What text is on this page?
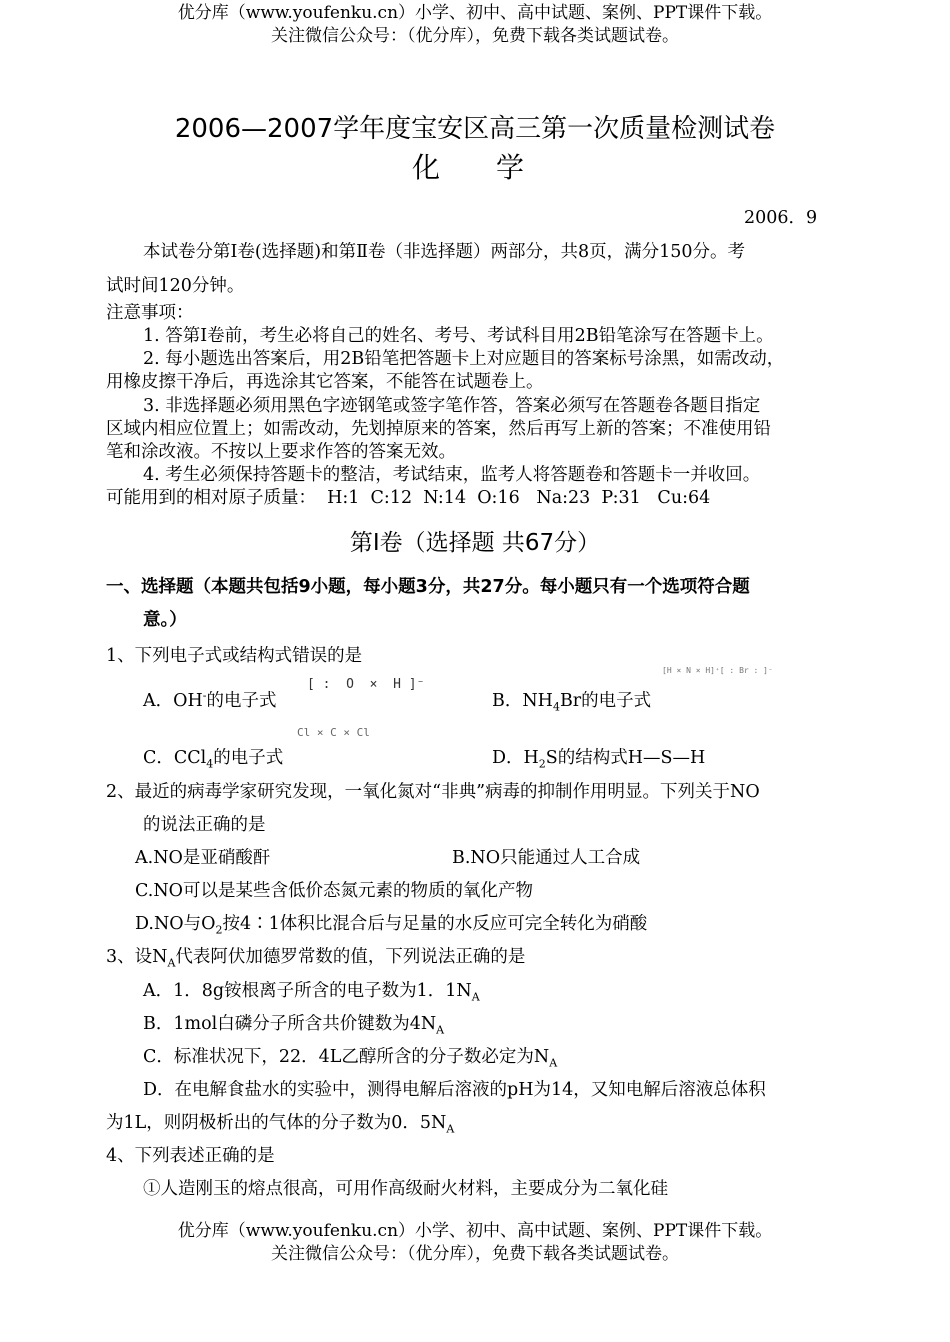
优分库（www.youfenku.cn）小学、初中、高中试题、案例、PPT课件下载。
关注微信公众号：（优分库），免费下载各类试题试卷。
2006—2007学年度宝安区高三第一次质量检测试卷
化　学
2006．9
本试卷分第Ⅰ卷(选择题)和第Ⅱ卷（非选择题）两部分，共8页，满分150分。考
试时间120分钟。
注意事项：
1. 答第Ⅰ卷前，考生必将自己的姓名、考号、考试科目用2B铅笔涂写在答题卡上。
2. 每小题选出答案后，用2B铅笔把答题卡上对应题目的答案标号涂黑，如需改动，
用橡皮擦干净后，再选涂其它答案，不能答在试题卷上。
3. 非选择题必须用黑色字迹钢笔或签字笔作答，答案必须写在答题卷各题目指定
区域内相应位置上；如需改动，先划掉原来的答案，然后再写上新的答案；不准使用铅
笔和涂改液。不按以上要求作答的答案无效。
4. 考生必须保持答题卡的整洁，考试结束，监考人将答题卷和答题卡一并收回。
可能用到的相对原子质量：  H:1  C:12  N:14  O:16   Na:23  P:31   Cu:64
第Ⅰ卷（选择题 共67分）
一、选择题（本题共包括9小题，每小题3分，共27分。每小题只有一个选项符合题
意。）
1、下列电子式或结构式错误的是
A．OH-的电子式
[ :  O  ×  H ]⁻
B．$NH_4Br$的电子式
[H × N × H]⁺[ : Br : ]⁻
C．CCl$_4$的电子式
Cl × C × Cl
D．$H_2S$的结构式H—S—H
2、最近的病毒学家研究发现，一氧化氮对“非典”病毒的抑制作用明显。下列关于NO
的说法正确的是
A.NO是亚硝酸酐	B.NO只能通过人工合成
C.NO可以是某些含低价态氮元素的物质的氧化产物
D.NO与$O_2$按4∶1体积比混合后与足量的水反应可完全转化为硝酸
3、设$N_A$代表阿伏加德罗常数的值，下列说法正确的是
A．1．8g铵根离子所含的电子数为1．$1N_A$
B．1mol白磷分子所含共价键数为$4N_A$
C．标准状况下，22．4L乙醇所含的分子数必定为$N_A$
D．在电解食盐水的实验中，测得电解后溶液的pH为14，又知电解后溶液总体积
为1L，则阴极析出的气体的分子数为0．$5N_A$
4、下列表述正确的是
①人造刚玉的熔点很高，可用作高级耐火材料，主要成分为二氧化硅
优分库（www.youfenku.cn）小学、初中、高中试题、案例、PPT课件下载。
关注微信公众号：（优分库），免费下载各类试题试卷。
